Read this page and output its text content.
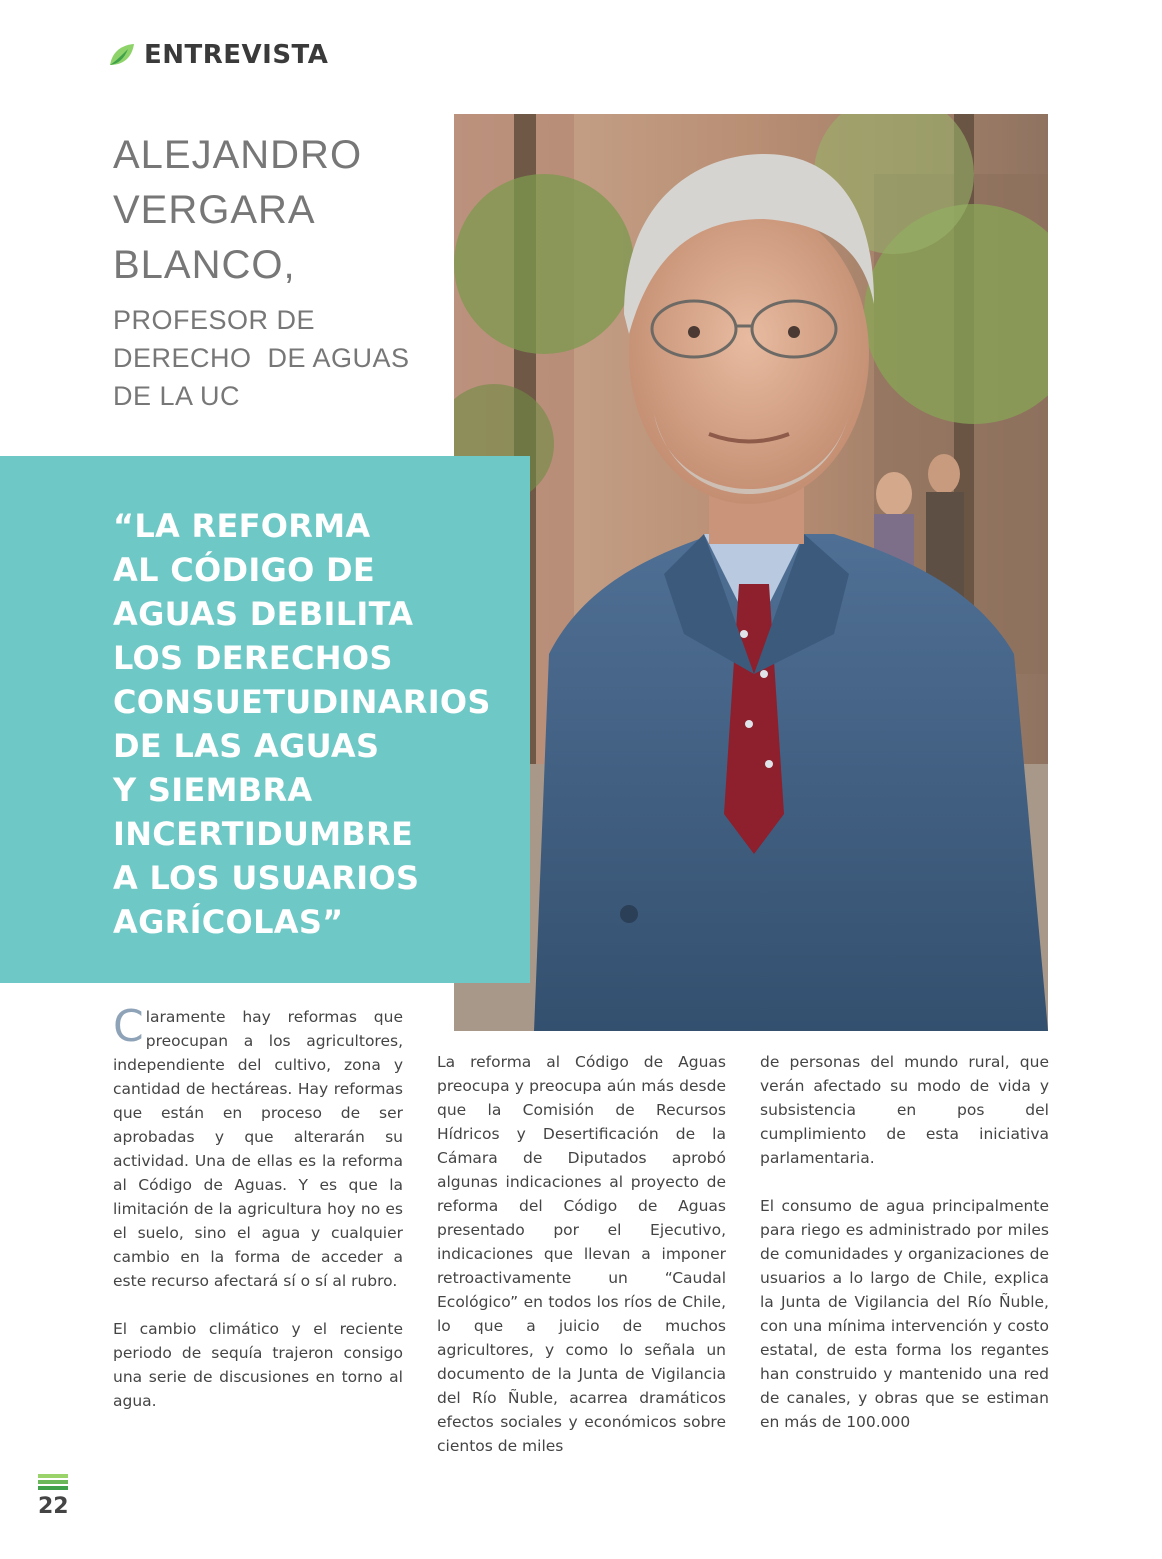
ENTREVISTA
ALEJANDRO
VERGARA
BLANCO,
PROFESOR DE
DERECHO  DE AGUAS
DE LA UC
“LA REFORMA
AL CÓDIGO DE
AGUAS DEBILITA
LOS DERECHOS
CONSUETUDINARIOS
DE LAS AGUAS
Y SIEMBRA
INCERTIDUMBRE
A LOS USUARIOS
AGRÍCOLAS”

Claramente hay reformas que preocupan a los agricultores, independiente del cultivo, zona y cantidad de hectáreas. Hay reformas que están en proceso de ser aprobadas y que alterarán su actividad. Una de ellas es la reforma al Código de Aguas. Y es que la limitación de la agricultura hoy no es el suelo, sino el agua y cualquier cambio en la forma de acceder a este recurso afectará sí o sí al rubro.

El cambio climático y el reciente periodo de sequía trajeron consigo una serie de discusiones en torno al agua.

La reforma al Código de Aguas preocupa y preocupa aún más desde que la Comisión de Recursos Hídricos y Desertificación de la Cámara de Diputados aprobó algunas indicaciones al proyecto de reforma del Código de Aguas presentado por el Ejecutivo, indicaciones que llevan a imponer retroactivamente un “Caudal Ecológico” en todos los ríos de Chile, lo que a juicio de muchos agricultores, y como lo señala un documento de la Junta de Vigilancia del Río Ñuble, acarrea dramáticos efectos sociales y económicos sobre cientos de miles

de personas del mundo rural, que verán afectado su modo de vida y subsistencia en pos del cumplimiento de esta iniciativa parlamentaria.

El consumo de agua principalmente para riego es administrado por miles de comunidades y organizaciones de usuarios a lo largo de Chile, explica la Junta de Vigilancia del Río Ñuble, con una mínima intervención y costo estatal, de esta forma los regantes han construido y mantenido una red de canales, y obras que se estiman en más de 100.000

22
